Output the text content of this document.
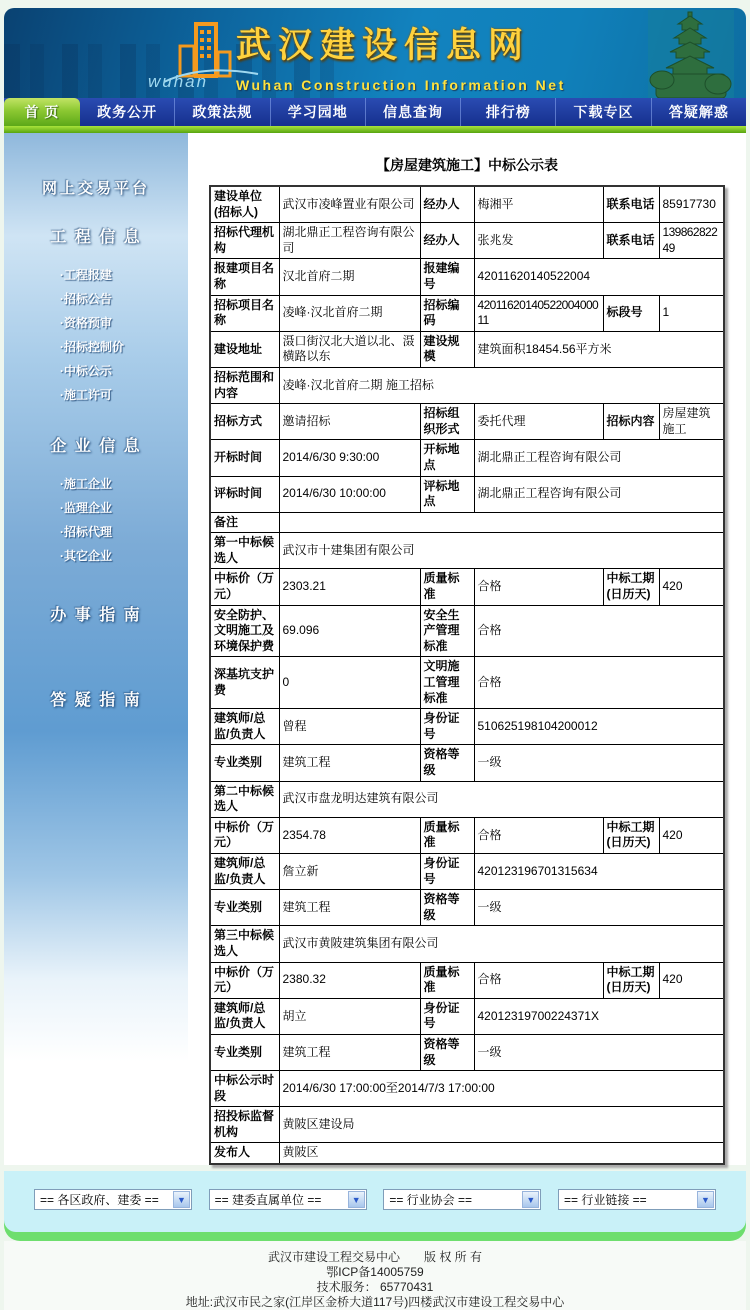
wuhan
武汉建设信息网
Wuhan Construction Information Net
首 页	政务公开	政策法规	学习园地	信息查询	排行榜	下载专区	答疑解惑
网上交易平台
工 程 信 息
·工程报建
·招标公告
·资格预审
·招标控制价
·中标公示
·施工许可
企 业 信 息
·施工企业
·监理企业
·招标代理
·其它企业
办 事 指 南
答 疑 指 南
【房屋建筑施工】中标公示表
建设单位(招标人)	武汉市凌峰置业有限公司	经办人	梅湘平	联系电话	85917730
招标代理机构	湖北鼎正工程咨询有限公司	经办人	张兆发	联系电话	13986282249
报建项目名称	汉北首府二期	报建编号	42011620140522004		
招标项目名称	凌峰·汉北首府二期	招标编码	4201162014052200400011	标段号	1
建设地址	滠口街汉北大道以北、滠横路以东	建设规模	建筑面积18454.56平方米		
招标范围和内容	凌峰·汉北首府二期 施工招标				
招标方式	邀请招标	招标组织形式	委托代理	招标内容	房屋建筑施工
开标时间	2014/6/30 9:30:00	开标地点	湖北鼎正工程咨询有限公司		
评标时间	2014/6/30 10:00:00	评标地点	湖北鼎正工程咨询有限公司		
备注					
第一中标候选人	武汉市十建集团有限公司				
中标价（万元）	2303.21	质量标准	合格	中标工期(日历天)	420
安全防护、文明施工及环境保护费	69.096	安全生产管理标准	合格		
深基坑支护费	0	文明施工管理标准	合格		
建筑师/总监/负责人	曾程	身份证号	510625198104200012		
专业类别	建筑工程	资格等级	一级		
第二中标候选人	武汉市盘龙明达建筑有限公司				
中标价（万元）	2354.78	质量标准	合格	中标工期(日历天)	420
建筑师/总监/负责人	詹立新	身份证号	420123196701315634		
专业类别	建筑工程	资格等级	一级		
第三中标候选人	武汉市黄陂建筑集团有限公司				
中标价（万元）	2380.32	质量标准	合格	中标工期(日历天)	420
建筑师/总监/负责人	胡立	身份证号	42012319700224371X		
专业类别	建筑工程	资格等级	一级		
中标公示时段	2014/6/30 17:00:00至2014/7/3 17:00:00				
招投标监督机构	黄陂区建设局				
发布人	黄陂区				
== 各区政府、建委 ==	▼	== 建委直属单位 ==	▼	== 行业协会 ==	▼	== 行业链接 ==	▼
武汉市建设工程交易中心　　版 权 所 有
鄂ICP备14005759
技术服务： 65770431
地址:武汉市民之家(江岸区金桥大道117号)四楼武汉市建设工程交易中心
